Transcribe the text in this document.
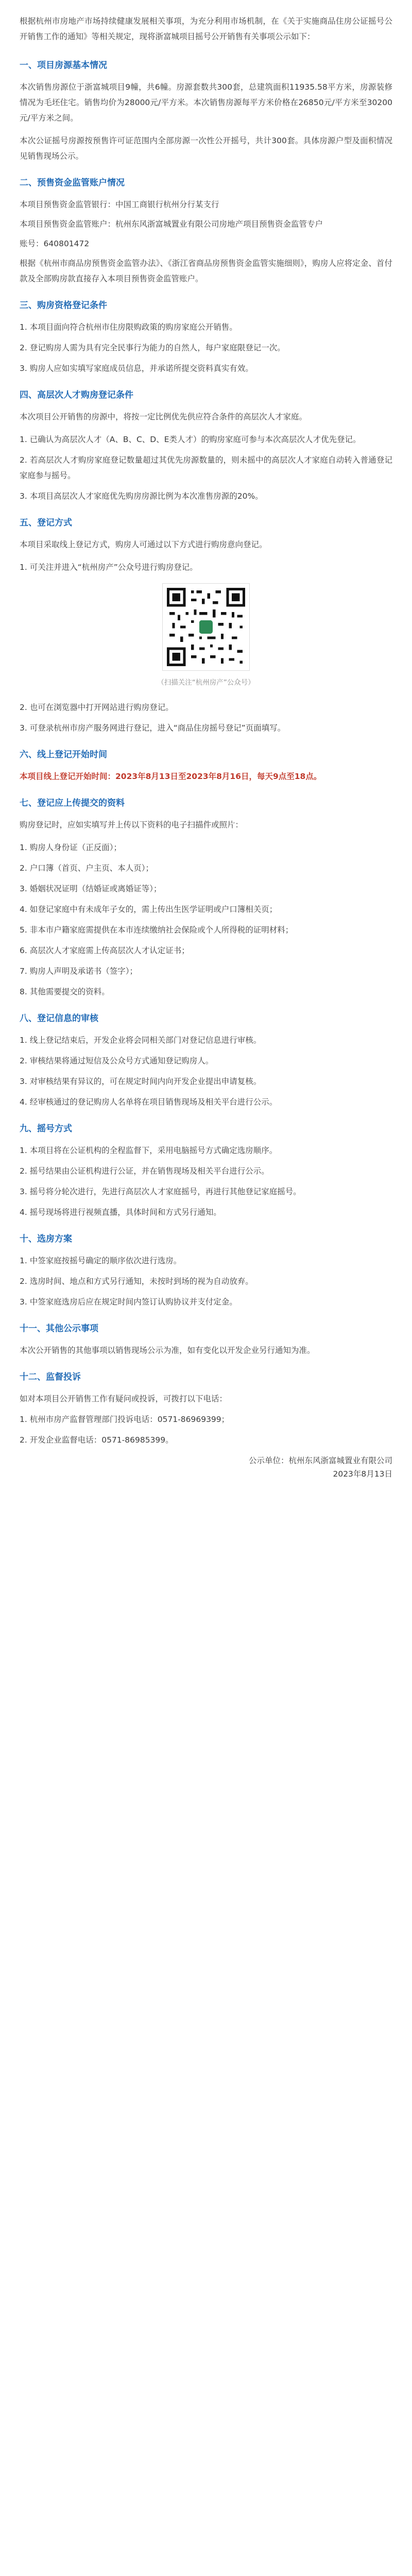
根据杭州市房地产市场持续健康发展相关事项，为充分利用市场机制，在《关于实施商品住房公证摇号公开销售工作的通知》等相关规定，现将浙富城项目摇号公开销售有关事项公示如下：

一、项目房源基本情况

本次销售房源位于浙富城项目9幢，共6幢。房源套数共300套，总建筑面积11935.58平方米，房源装修情况为毛坯住宅。销售均价为28000元/平方米。本次销售房源每平方米价格在26850元/平方米至30200元/平方米之间。

本次公证摇号房源按预售许可证范围内全部房源一次性公开摇号，共计300套。具体房源户型及面积情况见销售现场公示。

二、预售资金监管账户情况

本项目预售资金监管银行：中国工商银行杭州分行某支行

本项目预售资金监管账户：杭州东风浙富城置业有限公司房地产项目预售资金监管专户

账号：640801472

根据《杭州市商品房预售资金监管办法》、《浙江省商品房预售资金监管实施细则》，购房人应将定金、首付款及全部购房款直接存入本项目预售资金监管账户。

三、购房资格登记条件

1. 本项目面向符合杭州市住房限购政策的购房家庭公开销售。

2. 登记购房人需为具有完全民事行为能力的自然人，每户家庭限登记一次。

3. 购房人应如实填写家庭成员信息，并承诺所提交资料真实有效。

四、高层次人才购房登记条件

本次项目公开销售的房源中，将按一定比例优先供应符合条件的高层次人才家庭。

1. 已确认为高层次人才（A、B、C、D、E类人才）的购房家庭可参与本次高层次人才优先登记。

2. 若高层次人才购房家庭登记数量超过其优先房源数量的，则未摇中的高层次人才家庭自动转入普通登记家庭参与摇号。

3. 本项目高层次人才家庭优先购房房源比例为本次准售房源的20%。

五、登记方式

本项目采取线上登记方式，购房人可通过以下方式进行购房意向登记。

1. 可关注并进入“杭州房产”公众号进行购房登记。

（扫描关注“杭州房产”公众号）

2. 也可在浏览器中打开网站进行购房登记。

3. 可登录杭州市房产服务网进行登记，进入“商品住房摇号登记”页面填写。

六、线上登记开始时间

本项目线上登记开始时间：2023年8月13日至2023年8月16日，每天9点至18点。

七、登记应上传提交的资料

购房登记时，应如实填写并上传以下资料的电子扫描件或照片：

1. 购房人身份证（正反面）；

2. 户口簿（首页、户主页、本人页）；

3. 婚姻状况证明（结婚证或离婚证等）；

4. 如登记家庭中有未成年子女的，需上传出生医学证明或户口簿相关页；

5. 非本市户籍家庭需提供在本市连续缴纳社会保险或个人所得税的证明材料；

6. 高层次人才家庭需上传高层次人才认定证书；

7. 购房人声明及承诺书（签字）；

8. 其他需要提交的资料。

八、登记信息的审核

1. 线上登记结束后，开发企业将会同相关部门对登记信息进行审核。

2. 审核结果将通过短信及公众号方式通知登记购房人。

3. 对审核结果有异议的，可在规定时间内向开发企业提出申请复核。

4. 经审核通过的登记购房人名单将在项目销售现场及相关平台进行公示。

九、摇号方式

1. 本项目将在公证机构的全程监督下，采用电脑摇号方式确定选房顺序。

2. 摇号结果由公证机构进行公证，并在销售现场及相关平台进行公示。

3. 摇号将分轮次进行，先进行高层次人才家庭摇号，再进行其他登记家庭摇号。

4. 摇号现场将进行视频直播，具体时间和方式另行通知。

十、选房方案

1. 中签家庭按摇号确定的顺序依次进行选房。

2. 选房时间、地点和方式另行通知，未按时到场的视为自动放弃。

3. 中签家庭选房后应在规定时间内签订认购协议并支付定金。

十一、其他公示事项

本次公开销售的其他事项以销售现场公示为准，如有变化以开发企业另行通知为准。

十二、监督投诉

如对本项目公开销售工作有疑问或投诉，可拨打以下电话：

1. 杭州市房产监督管理部门投诉电话：0571-86969399；

2. 开发企业监督电话：0571-86985399。

公示单位：杭州东风浙富城置业有限公司
2023年8月13日
